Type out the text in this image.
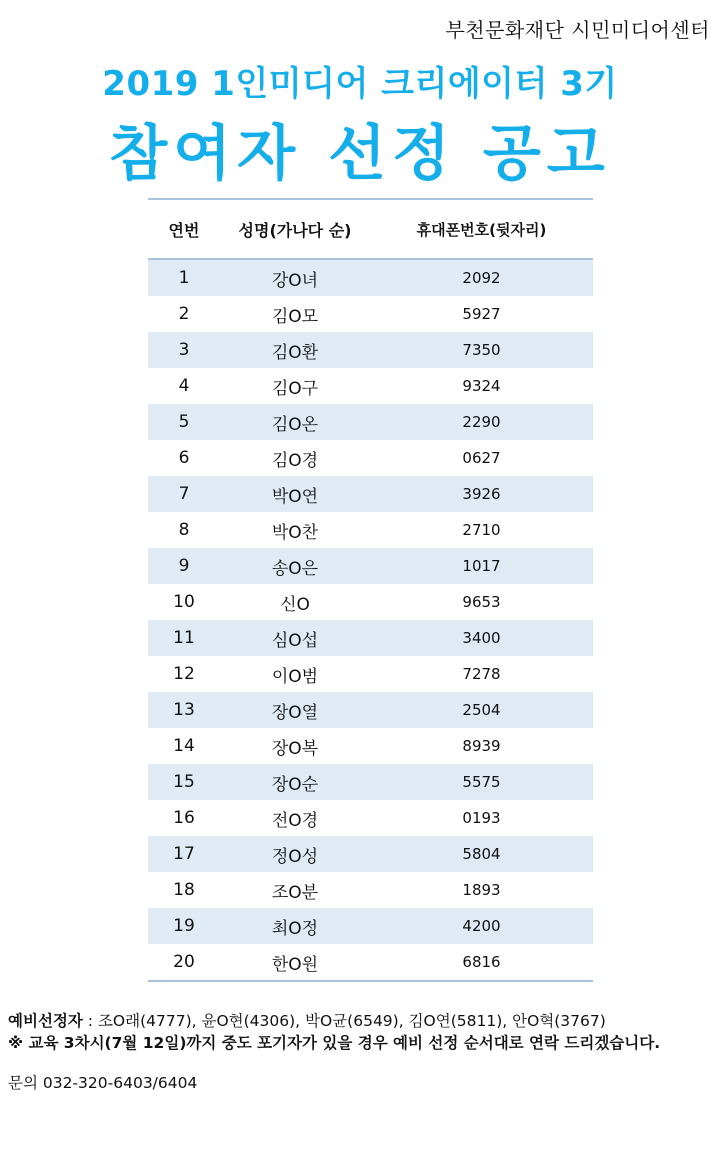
부천문화재단 시민미디어센터
2019 1인미디어 크리에이터 3기
참여자 선정 공고
연번	성명(가나다 순)	휴대폰번호(뒷자리)
1	강O녀	2092
2	김O모	5927
3	김O환	7350
4	김O구	9324
5	김O온	2290
6	김O경	0627
7	박O연	3926
8	박O찬	2710
9	송O은	1017
10	신O	9653
11	심O섭	3400
12	이O범	7278
13	장O열	2504
14	장O복	8939
15	장O순	5575
16	전O경	0193
17	정O성	5804
18	조O분	1893
19	최O정	4200
20	한O원	6816
예비선정자 : 조O래(4777), 윤O현(4306), 박O균(6549), 김O연(5811), 안O혁(3767)
※ 교육 3차시(7월 12일)까지 중도 포기자가 있을 경우 예비 선정 순서대로 연락 드리겠습니다.
문의 032-320-6403/6404
